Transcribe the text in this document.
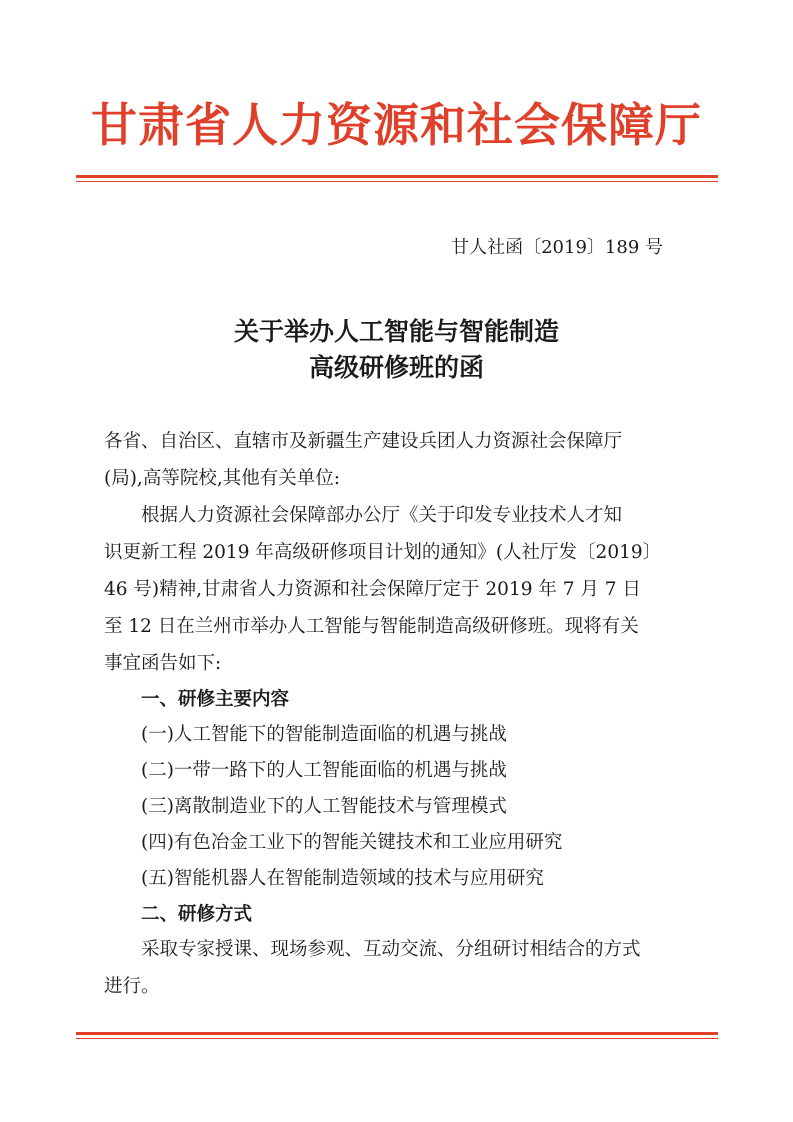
甘肃省人力资源和社会保障厅
甘人社函〔2019〕189 号
关于举办人工智能与智能制造
高级研修班的函
各省、自治区、直辖市及新疆生产建设兵团人力资源社会保障厅
(局),高等院校,其他有关单位:
　　根据人力资源社会保障部办公厅《关于印发专业技术人才知
识更新工程 2019 年高级研修项目计划的通知》(人社厅发〔2019〕
46 号)精神,甘肃省人力资源和社会保障厅定于 2019 年 7 月 7 日
至 12 日在兰州市举办人工智能与智能制造高级研修班。现将有关
事宜函告如下:
　　一、研修主要内容
　　(一)人工智能下的智能制造面临的机遇与挑战
　　(二)一带一路下的人工智能面临的机遇与挑战
　　(三)离散制造业下的人工智能技术与管理模式
　　(四)有色冶金工业下的智能关键技术和工业应用研究
　　(五)智能机器人在智能制造领域的技术与应用研究
　　二、研修方式
　　采取专家授课、现场参观、互动交流、分组研讨相结合的方式
进行。
